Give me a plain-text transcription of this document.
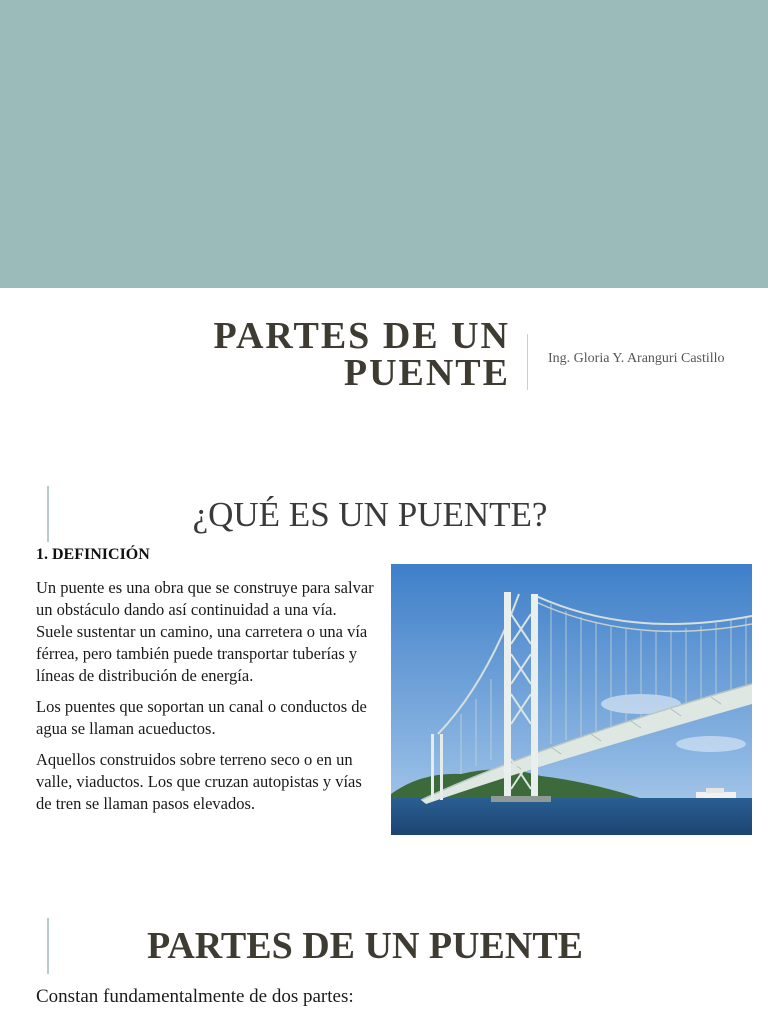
PARTES DE UN
PUENTE	Ing. Gloria Y. Aranguri Castillo
¿QUÉ ES UN PUENTE?
1. DEFINICIÓN

Un puente es una obra que se construye para salvar un obstáculo dando así continuidad a una vía. Suele sustentar un camino, una carretera o una vía férrea, pero también puede transportar tuberías y líneas de distribución de energía.

Los puentes que soportan un canal o conductos de agua se llaman acueductos.

Aquellos construidos sobre terreno seco o en un valle, viaductos. Los que cruzan autopistas y vías de tren se llaman pasos elevados.

PARTES DE UN PUENTE
Constan fundamentalmente de dos partes:
